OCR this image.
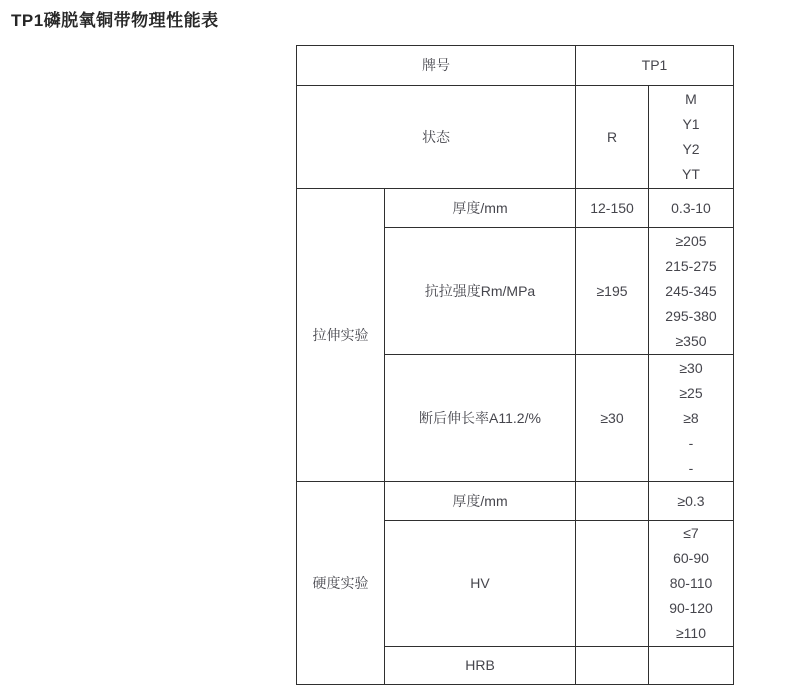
TP1磷脱氧铜带物理性能表
牌号		TP1	
状态		R	M
Y1
Y2
YT

拉伸实验	厚度/mm	12-150	0.3-10
	抗拉强度Rm/MPa	≥195	≥205
215-275
245-345
295-380
≥350

	断后伸长率A11.2/%	≥30	≥30
≥25
≥8
-
-

硬度实验	厚度/mm		≥0.3
	HV		≤7
60-90
80-110
90-120
≥110

	HRB		
